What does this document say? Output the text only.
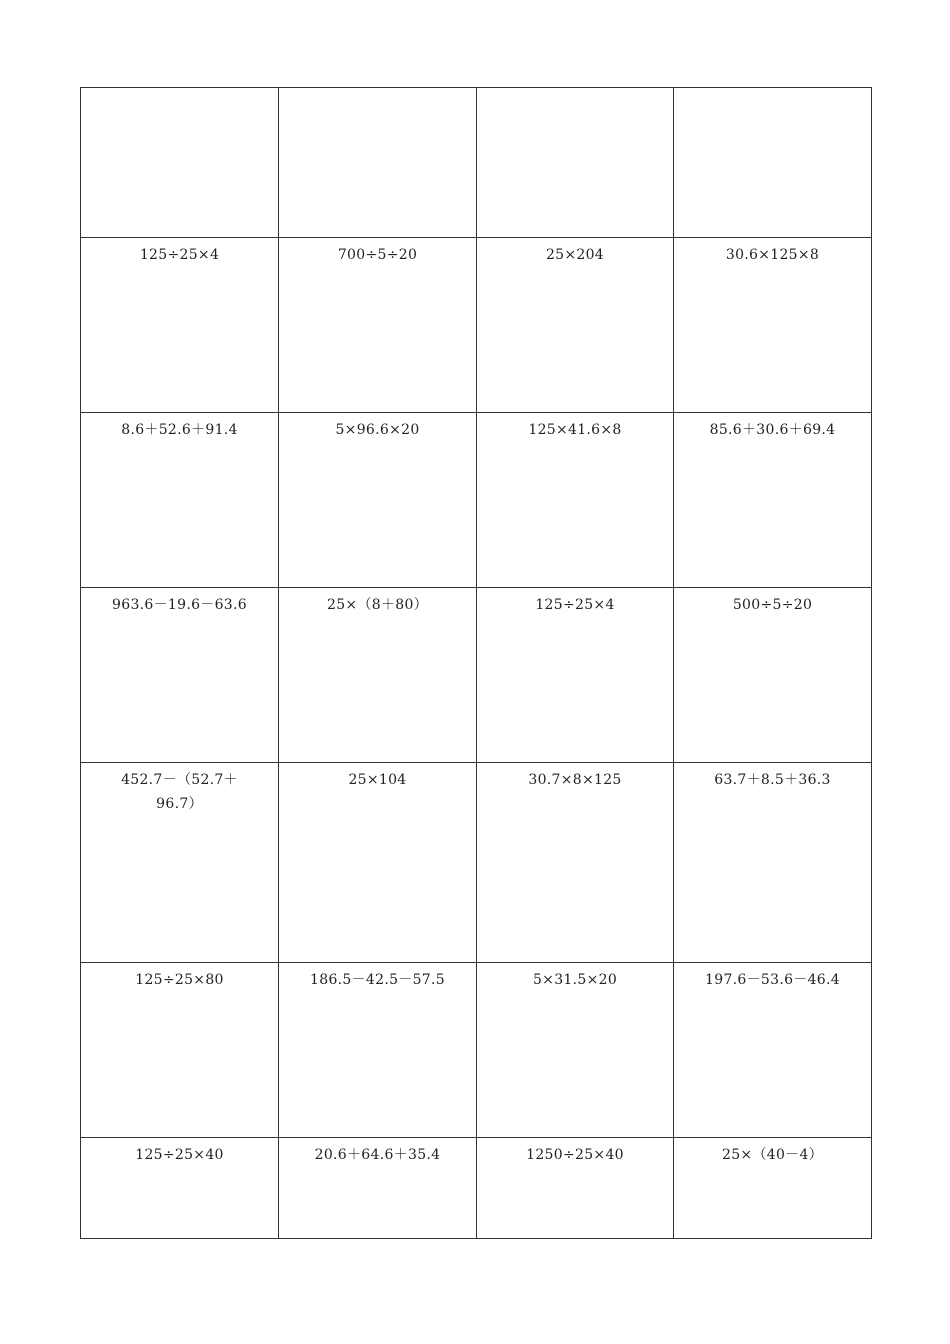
125÷25×4	700÷5÷20	25×204	30.6×125×8
8.6＋52.6＋91.4	5×96.6×20	125×41.6×8	85.6＋30.6＋69.4
963.6－19.6－63.6	25×（8＋80）	125÷25×4	500÷5÷20
452.7－（52.7＋96.7）	25×104	30.7×8×125	63.7＋8.5＋36.3
125÷25×80	186.5－42.5－57.5	5×31.5×20	197.6－53.6－46.4
125÷25×40	20.6＋64.6＋35.4	1250÷25×40	25×（40－4）
